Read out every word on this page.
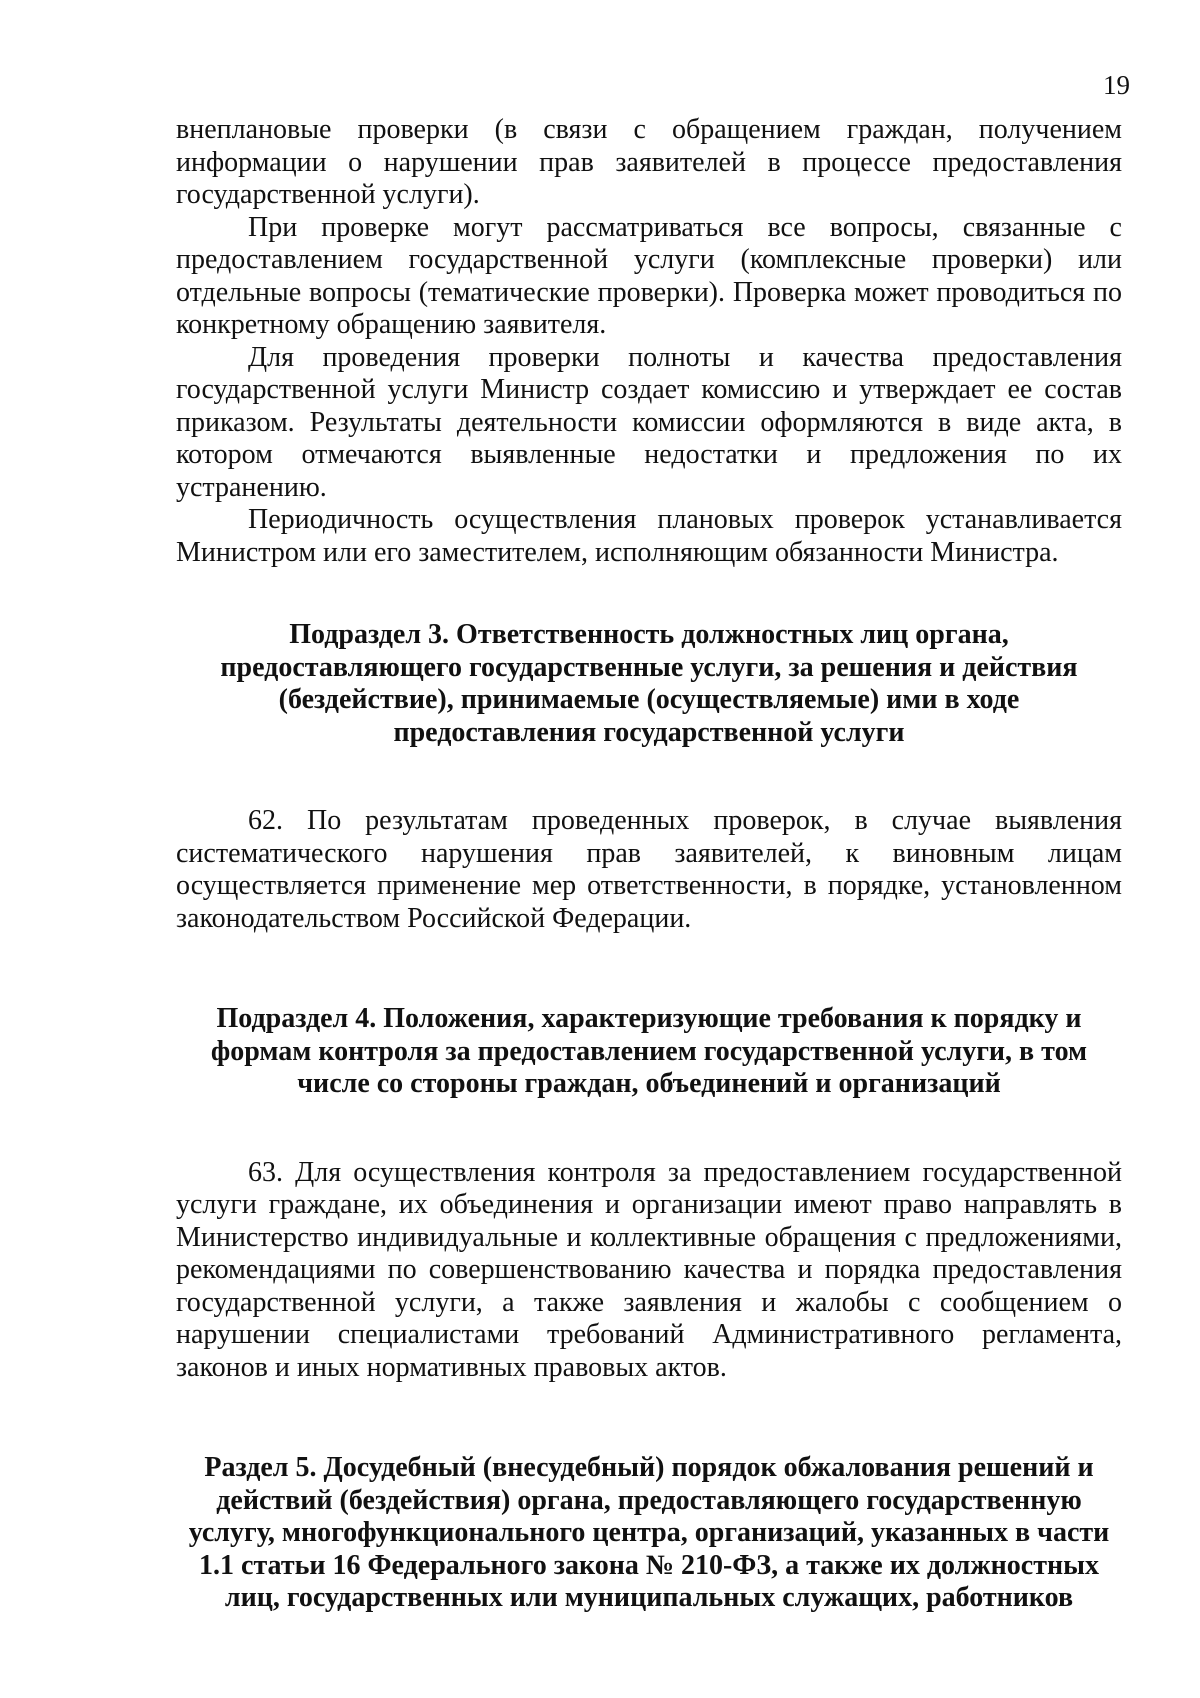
19

внеплановые проверки (в связи с обращением граждан, получением информации о нарушении прав заявителей в процессе предоставления государственной услуги).

При проверке могут рассматриваться все вопросы, связанные с предоставлением государственной услуги (комплексные проверки) или отдельные вопросы (тематические проверки). Проверка может проводиться по конкретному обращению заявителя.

Для проведения проверки полноты и качества предоставления государственной услуги Министр создает комиссию и утверждает ее состав приказом. Результаты деятельности комиссии оформляются в виде акта, в котором отмечаются выявленные недостатки и предложения по их устранению.

Периодичность осуществления плановых проверок устанавливается Министром или его заместителем, исполняющим обязанности Министра.

Подраздел 3. Ответственность должностных лиц органа, предоставляющего государственные услуги, за решения и действия (бездействие), принимаемые (осуществляемые) ими в ходе предоставления государственной услуги

62. По результатам проведенных проверок, в случае выявления систематического нарушения прав заявителей, к виновным лицам осуществляется применение мер ответственности, в порядке, установленном законодательством Российской Федерации.

Подраздел 4. Положения, характеризующие требования к порядку и формам контроля за предоставлением государственной услуги, в том числе со стороны граждан, объединений и организаций

63. Для осуществления контроля за предоставлением государственной услуги граждане, их объединения и организации имеют право направлять в Министерство индивидуальные и коллективные обращения с предложениями, рекомендациями по совершенствованию качества и порядка предоставления государственной услуги, а также заявления и жалобы с сообщением о нарушении специалистами требований Административного регламента, законов и иных нормативных правовых актов.

Раздел 5. Досудебный (внесудебный) порядок обжалования решений и действий (бездействия) органа, предоставляющего государственную услугу, многофункционального центра, организаций, указанных в части 1.1 статьи 16 Федерального закона № 210-ФЗ, а также их должностных лиц, государственных или муниципальных служащих, работников
